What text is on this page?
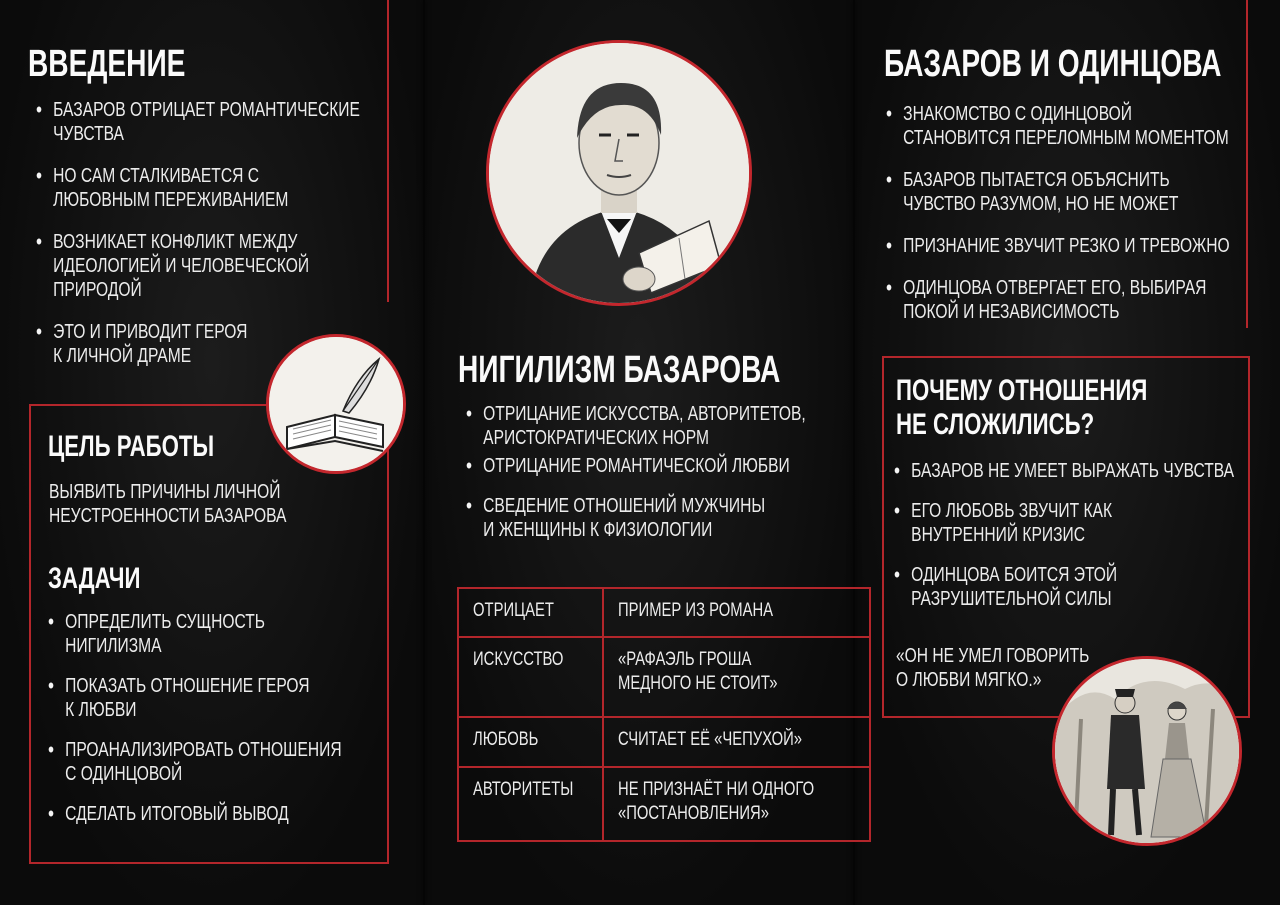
ВВЕДЕНИЕ
• БАЗАРОВ ОТРИЦАЕТ РОМАНТИЧЕСКИЕ
ЧУВСТВА
• НО САМ СТАЛКИВАЕТСЯ С
ЛЮБОВНЫМ ПЕРЕЖИВАНИЕМ
• ВОЗНИКАЕТ КОНФЛИКТ МЕЖДУ
ИДЕОЛОГИЕЙ И ЧЕЛОВЕЧЕСКОЙ
ПРИРОДОЙ
• ЭТО И ПРИВОДИТ ГЕРОЯ
К ЛИЧНОЙ ДРАМЕ
ЦЕЛЬ РАБОТЫ
ВЫЯВИТЬ ПРИЧИНЫ ЛИЧНОЙ
НЕУСТРОЕННОСТИ БАЗАРОВА
ЗАДАЧИ
• ОПРЕДЕЛИТЬ СУЩНОСТЬ
НИГИЛИЗМА
• ПОКАЗАТЬ ОТНОШЕНИЕ ГЕРОЯ
К ЛЮБВИ
• ПРОАНАЛИЗИРОВАТЬ ОТНОШЕНИЯ
С ОДИНЦОВОЙ
• СДЕЛАТЬ ИТОГОВЫЙ ВЫВОД
НИГИЛИЗМ БАЗАРОВА
• ОТРИЦАНИЕ ИСКУССТВА, АВТОРИТЕТОВ,
АРИСТОКРАТИЧЕСКИХ НОРМ
• ОТРИЦАНИЕ РОМАНТИЧЕСКОЙ ЛЮБВИ
• СВЕДЕНИЕ ОТНОШЕНИЙ МУЖЧИНЫ
И ЖЕНЩИНЫ К ФИЗИОЛОГИИ
ОТРИЦАЕТ	ПРИМЕР ИЗ РОМАНА

ИСКУССТВО	«РАФАЭЛЬ ГРОША
МЕДНОГО НЕ СТОИТ»

ЛЮБОВЬ	СЧИТАЕТ ЕЁ «ЧЕПУХОЙ»

АВТОРИТЕТЫ	НЕ ПРИЗНАЁТ НИ ОДНОГО
«ПОСТАНОВЛЕНИЯ»
БАЗАРОВ И ОДИНЦОВА
• ЗНАКОМСТВО С ОДИНЦОВОЙ
СТАНОВИТСЯ ПЕРЕЛОМНЫМ МОМЕНТОМ
• БАЗАРОВ ПЫТАЕТСЯ ОБЪЯСНИТЬ
ЧУВСТВО РАЗУМОМ, НО НЕ МОЖЕТ
• ПРИЗНАНИЕ ЗВУЧИТ РЕЗКО И ТРЕВОЖНО
• ОДИНЦОВА ОТВЕРГАЕТ ЕГО, ВЫБИРАЯ
ПОКОЙ И НЕЗАВИСИМОСТЬ
ПОЧЕМУ ОТНОШЕНИЯ
НЕ СЛОЖИЛИСЬ?
• БАЗАРОВ НЕ УМЕЕТ ВЫРАЖАТЬ ЧУВСТВА
• ЕГО ЛЮБОВЬ ЗВУЧИТ КАК
ВНУТРЕННИЙ КРИЗИС
• ОДИНЦОВА БОИТСЯ ЭТОЙ
РАЗРУШИТЕЛЬНОЙ СИЛЫ
«ОН НЕ УМЕЛ ГОВОРИТЬ
О ЛЮБВИ МЯГКО.»
